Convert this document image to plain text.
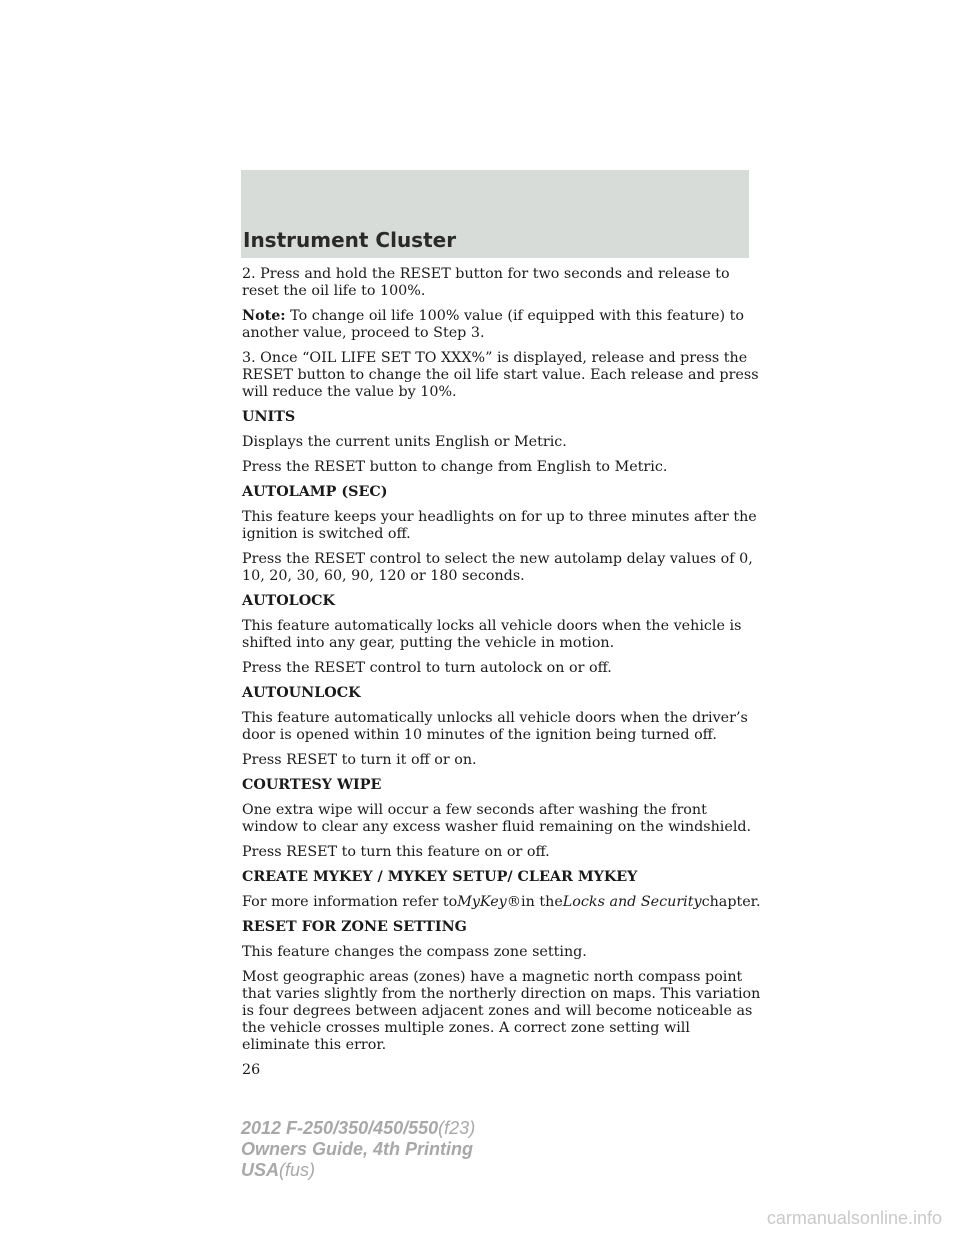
Instrument Cluster

2. Press and hold the RESET button for two seconds and release to reset the oil life to 100%.

Note: To change oil life 100% value (if equipped with this feature) to another value, proceed to Step 3.

3. Once “OIL LIFE SET TO XXX%” is displayed, release and press the RESET button to change the oil life start value. Each release and press will reduce the value by 10%.

UNITS

Displays the current units English or Metric.

Press the RESET button to change from English to Metric.

AUTOLAMP (SEC)

This feature keeps your headlights on for up to three minutes after the ignition is switched off.

Press the RESET control to select the new autolamp delay values of 0, 10, 20, 30, 60, 90, 120 or 180 seconds.

AUTOLOCK

This feature automatically locks all vehicle doors when the vehicle is shifted into any gear, putting the vehicle in motion.

Press the RESET control to turn autolock on or off.

AUTOUNLOCK

This feature automatically unlocks all vehicle doors when the driver’s door is opened within 10 minutes of the ignition being turned off.

Press RESET to turn it off or on.

COURTESY WIPE

One extra wipe will occur a few seconds after washing the front window to clear any excess washer fluid remaining on the windshield.

Press RESET to turn this feature on or off.

CREATE MYKEY / MYKEY SETUP/ CLEAR MYKEY

For more information refer toMyKey®in theLocks and Securitychapter.

RESET FOR ZONE SETTING

This feature changes the compass zone setting.

Most geographic areas (zones) have a magnetic north compass point that varies slightly from the northerly direction on maps. This variation is four degrees between adjacent zones and will become noticeable as the vehicle crosses multiple zones. A correct zone setting will eliminate this error.

26

2012 F-250/350/450/550(f23)
Owners Guide, 4th Printing
USA(fus)
carmanualsonline.info
